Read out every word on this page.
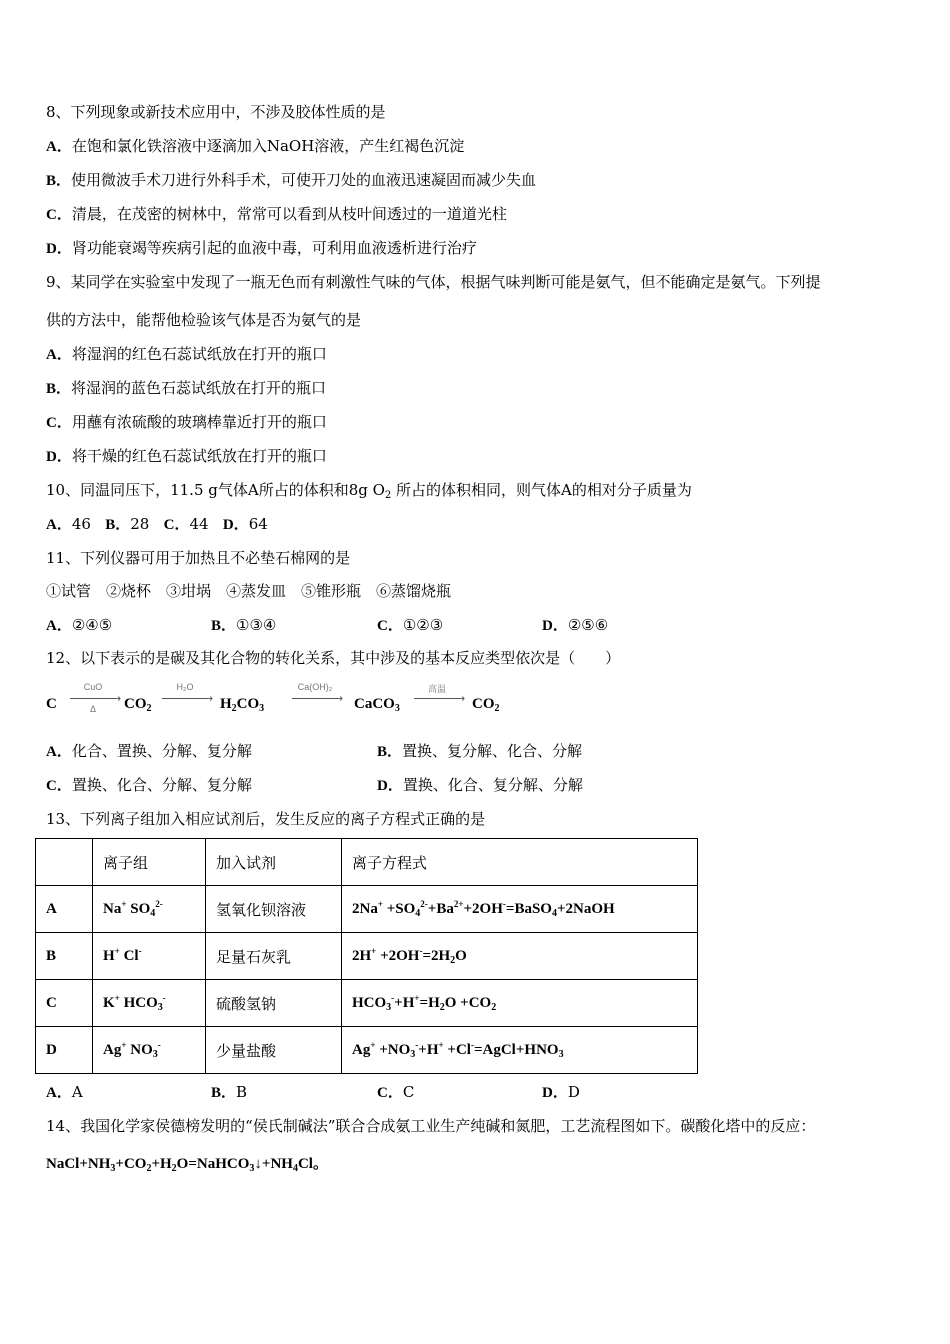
8、下列现象或新技术应用中，不涉及胶体性质的是
A．在饱和氯化铁溶液中逐滴加入NaOH溶液，产生红褐色沉淀
B．使用微波手术刀进行外科手术，可使开刀处的血液迅速凝固而减少失血
C．清晨，在茂密的树林中，常常可以看到从枝叶间透过的一道道光柱
D．肾功能衰竭等疾病引起的血液中毒，可利用血液透析进行治疗
9、某同学在实验室中发现了一瓶无色而有刺激性气味的气体，根据气味判断可能是氨气，但不能确定是氨气。下列提
供的方法中，能帮他检验该气体是否为氨气的是
A．将湿润的红色石蕊试纸放在打开的瓶口
B．将湿润的蓝色石蕊试纸放在打开的瓶口
C．用蘸有浓硫酸的玻璃棒靠近打开的瓶口
D．将干燥的红色石蕊试纸放在打开的瓶口
10、同温同压下，11.5 g气体A所占的体积和8g $O_2$ 所占的体积相同，则气体A的相对分子质量为
A．46 B．28 C．44 D．64
11、下列仪器可用于加热且不必垫石棉网的是
①试管　②烧杯　③坩埚　④蒸发皿　⑤锥形瓶　⑥蒸馏烧瓶
A．②④⑤	B．①③④	C．①②③	D．②⑤⑥
12、以下表示的是碳及其化合物的转化关系，其中涉及的基本反应类型依次是（　　）
C
CuO
→
Δ	$CO_2$
H₂O
→ $H_2CO_3$
Ca(OH)₂
→ CaCO$_3$
高温
→ $CO_2$
A．化合、置换、分解、复分解	B．置换、复分解、化合、分解
C．置换、化合、分解、复分解	D．置换、化合、复分解、分解
13、下列离子组加入相应试剂后，发生反应的离子方程式正确的是
	离子组	加入试剂	离子方程式
A	Na+ $SO_4^{2-}$	氢氧化钡溶液	$2Na^+ +SO_4^{2-}+Ba^{2+}+2OH^-=BaSO_4+2NaOH$
B	H+ Cl-	足量石灰乳	$2H^+ +2OH^-=2H_2O$
C	K+ $HCO_3^-$	硫酸氢钠	$HCO_3^-+H^+=H_2O +CO_2$
D	Ag+ $NO_3^-$	少量盐酸	$Ag^+ +NO_3^-+H^+$ $+Cl^-=AgCl+HNO_3$
A．A	B．B	C．C	D．D
14、我国化学家侯德榜发明的“侯氏制碱法”联合合成氨工业生产纯碱和氮肥，工艺流程图如下。碳酸化塔中的反应：
$NaCl+NH_3+CO_2+H_2O=NaHCO_3↓+NH_4Cl$。
